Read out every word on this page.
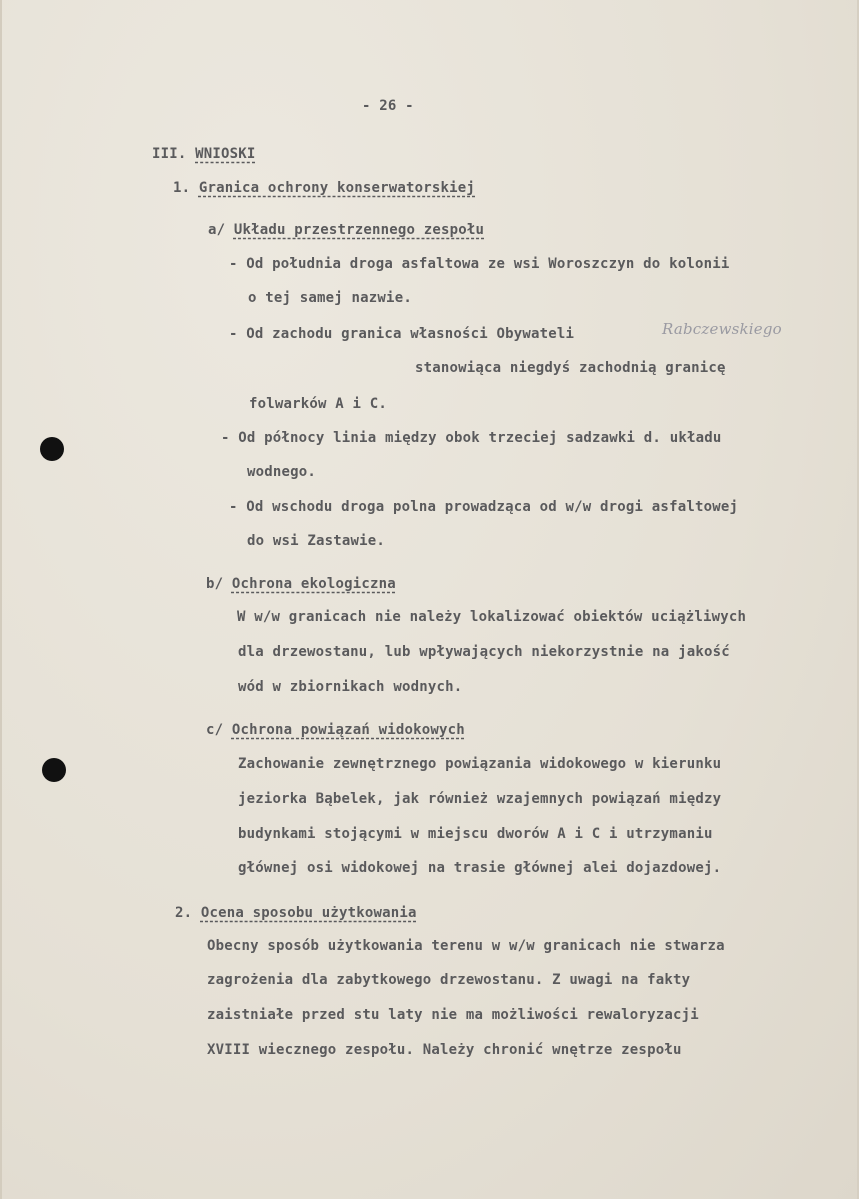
- 26 -
III. WNIOSKI
1. Granica ochrony konserwatorskiej
a/ Układu przestrzennego zespołu
- Od południa droga asfaltowa ze wsi Woroszczyn do kolonii
o tej samej nazwie.
- Od zachodu granica własności Obywateli	Rabczewskiego
stanowiąca niegdyś zachodnią granicę
folwarków A i C.
- Od północy linia między obok trzeciej sadzawki d. układu
wodnego.
- Od wschodu droga polna prowadząca od w/w drogi asfaltowej
do wsi Zastawie.
b/ Ochrona ekologiczna
W w/w granicach nie należy lokalizować obiektów uciążliwych
dla drzewostanu, lub wpływających niekorzystnie na jakość
wód w zbiornikach wodnych.
c/ Ochrona powiązań widokowych
Zachowanie zewnętrznego powiązania widokowego w kierunku
jeziorka Bąbelek, jak również wzajemnych powiązań między
budynkami stojącymi w miejscu dworów A i C i utrzymaniu
głównej osi widokowej na trasie głównej alei dojazdowej.
2. Ocena sposobu użytkowania
Obecny sposób użytkowania terenu w w/w granicach nie stwarza
zagrożenia dla zabytkowego drzewostanu. Z uwagi na fakty
zaistniałe przed stu laty nie ma możliwości rewaloryzacji
XVIII wiecznego zespołu. Należy chronić wnętrze zespołu
